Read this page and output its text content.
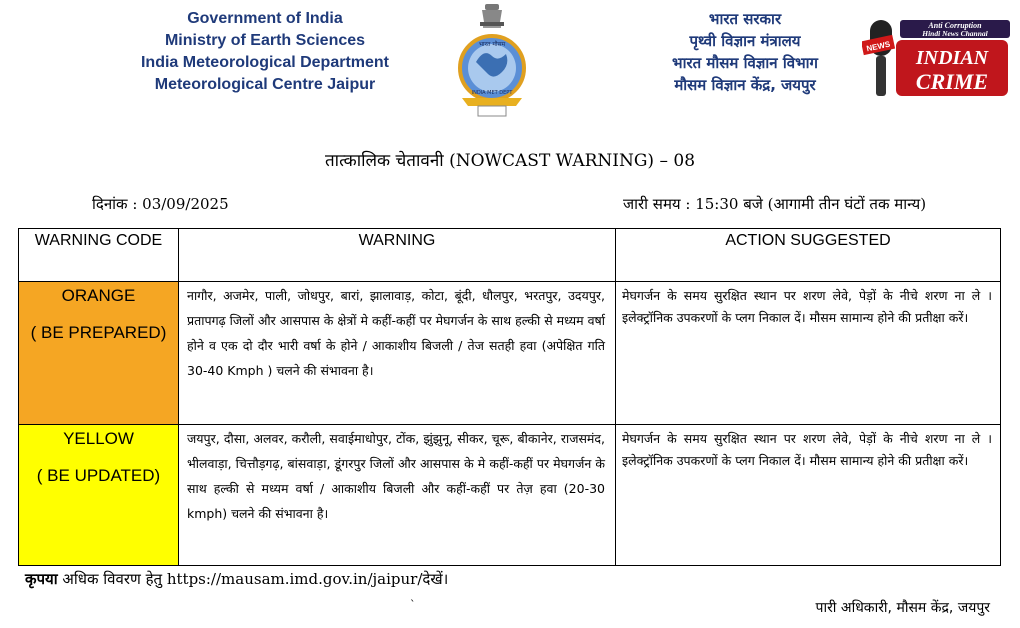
Government of India
Ministry of Earth Sciences
India Meteorological Department
Meteorological Centre Jaipur
भारत मौसम
INDIA MET DEPT
भारत सरकार
पृथ्वी विज्ञान मंत्रालय
भारत मौसम विज्ञान विभाग
मौसम विज्ञान केंद्र, जयपुर
NEWS
Anti Corruption
Hindi News Channal
INDIAN
CRIME
तात्कालिक चेतावनी (NOWCAST WARNING) – 08
दिनांक : 03/09/2025	जारी समय : 15:30 बजे (आगामी तीन घंटों तक मान्य)
WARNING CODE	WARNING	ACTION SUGGESTED

ORANGE
( BE PREPARED)	नागौर, अजमेर, पाली, जोधपुर, बारां, झालावाड़, कोटा, बूंदी, धौलपुर, भरतपुर, उदयपुर, प्रतापगढ़ जिलों और आसपास के क्षेत्रों मे कहीं-कहीं पर मेघगर्जन के साथ हल्की से मध्यम वर्षा होने व एक दो दौर भारी वर्षा के होने / आकाशीय बिजली / तेज सतही हवा (अपेक्षित गति 30-40 Kmph ) चलने की संभावना है।	मेघगर्जन के समय सुरक्षित स्थान पर शरण लेवे, पेड़ों के नीचे शरण ना ले । इलेक्ट्रॉनिक उपकरणों के प्लग निकाल दें। मौसम सामान्य होने की प्रतीक्षा करें।

YELLOW
( BE UPDATED)	जयपुर, दौसा, अलवर, करौली, सवाईमाधोपुर, टोंक, झुंझुनू, सीकर, चूरू, बीकानेर, राजसमंद, भीलवाड़ा, चित्तौड़गढ़, बांसवाड़ा, डूंगरपुर जिलों और आसपास के मे कहीं-कहीं पर मेघगर्जन के साथ हल्की से मध्यम वर्षा / आकाशीय बिजली और कहीं-कहीं पर तेज़ हवा (20-30 kmph) चलने की संभावना है।	मेघगर्जन के समय सुरक्षित स्थान पर शरण लेवे, पेड़ों के नीचे शरण ना ले । इलेक्ट्रॉनिक उपकरणों के प्लग निकाल दें। मौसम सामान्य होने की प्रतीक्षा करें।
कृपया अधिक विवरण हेतु https://mausam.imd.gov.in/jaipur/देखें।
`	पारी अधिकारी, मौसम केंद्र, जयपुर
